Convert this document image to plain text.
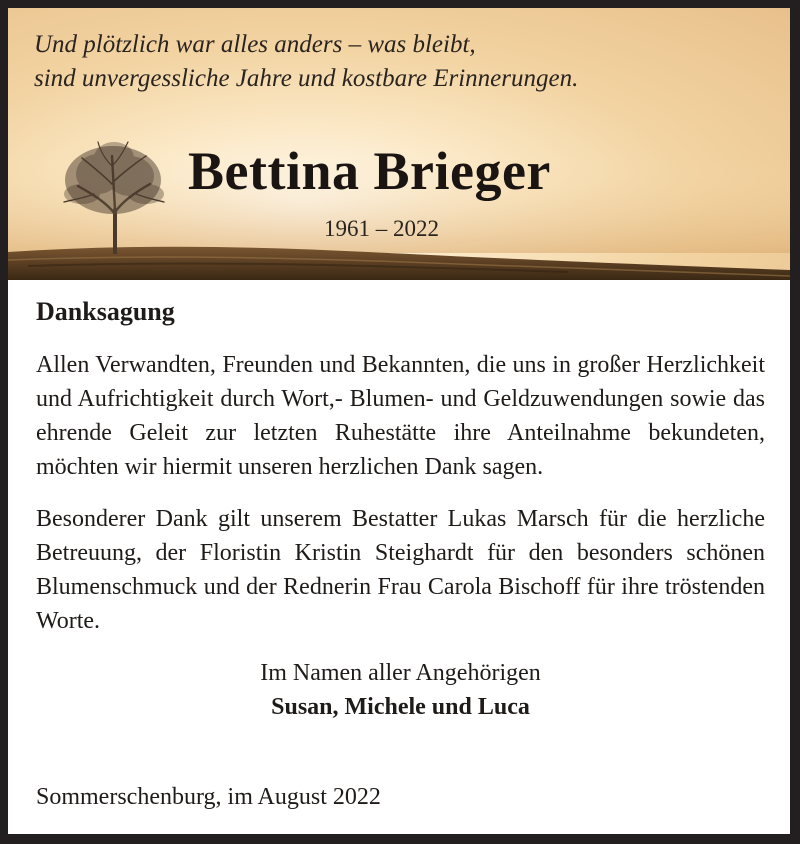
Und plötzlich war alles anders – was bleibt,
sind unvergessliche Jahre und kostbare Erinnerungen.

Bettina Brieger
1961 – 2022
Danksagung

Allen Verwandten, Freunden und Bekannten, die uns in großer Herzlichkeit und Aufrichtigkeit durch Wort,- Blumen- und Geldzuwendungen sowie das ehrende Geleit zur letzten Ruhestätte ihre Anteilnahme bekundeten, möchten wir hiermit unseren herzlichen Dank sagen.

Besonderer Dank gilt unserem Bestatter Lukas Marsch für die herzliche Betreuung, der Floristin Kristin Steighardt für den besonders schönen Blumenschmuck und der Rednerin Frau Carola Bischoff für ihre tröstenden Worte.

Im Namen aller Angehörigen
Susan, Michele und Luca
Sommerschenburg, im August 2022
